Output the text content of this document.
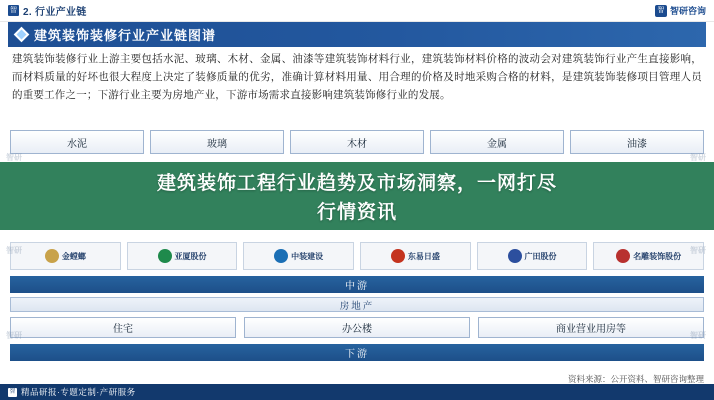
智 2. 行业产业链	智 智研咨询
建筑装饰装修行业产业链图谱
建筑装饰装修行业上游主要包括水泥、玻璃、木材、金属、油漆等建筑装饰材料行业，建筑装饰材料价格的波动会对建筑装饰行业产生直接影响，而材料质量的好坏也很大程度上决定了装修质量的优劣，准确计算材料用量、用合理的价格及时地采购合格的材料，是建筑装饰装修项目管理人员的重要工作之一；下游行业主要为房地产业，下游市场需求直接影响建筑装饰修行业的发展。
水泥	玻璃	木材	金属	油漆
金螳螂	亚厦股份	中装建设	东易日盛	广田股份	名雕装饰股份
中游
房地产
住宅	办公楼	商业营业用房等
下游
智研	智研
智研	智研
智研	智研
建筑装饰工程行业趋势及市场洞察，一网打尽
行情资讯
资料来源：公开资料、智研咨询整理
智 精品研报·专题定制·产研服务
